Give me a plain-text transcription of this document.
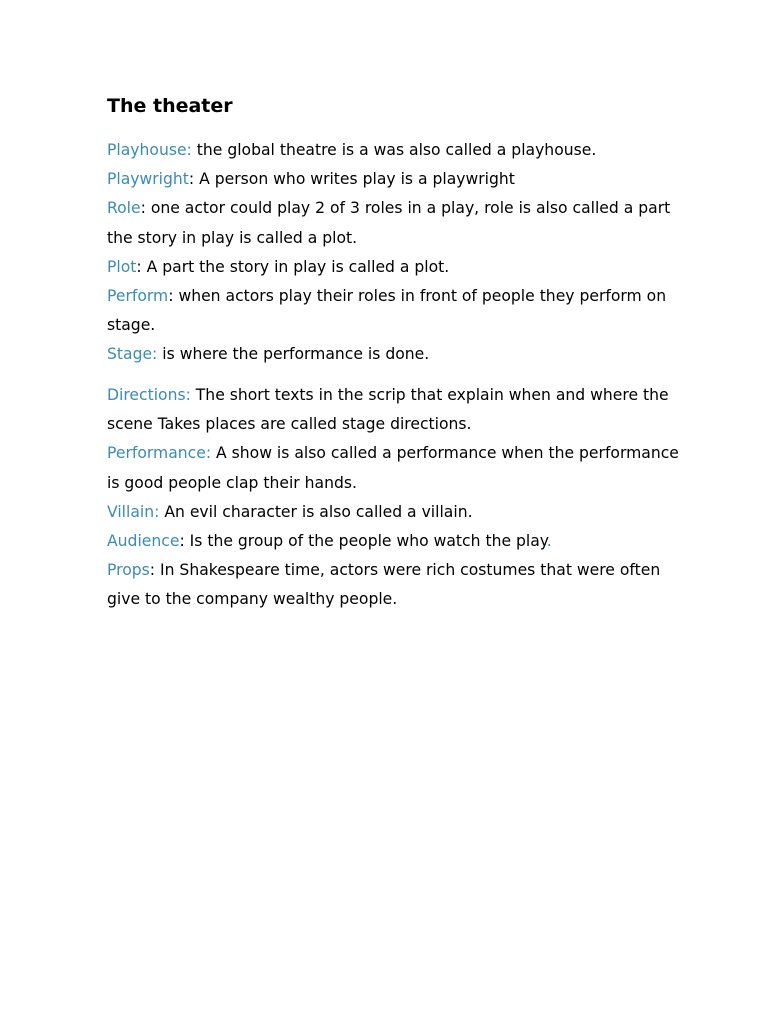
The theater

Playhouse: the global theatre is a was also called a playhouse.

Playwright: A person who writes play is a playwright

Role: one actor could play 2 of 3 roles in a play, role is also called a part the story in play is called a plot.

Plot: A part the story in play is called a plot.

Perform: when actors play their roles in front of people they perform on stage.

Stage: is where the performance is done.

Directions: The short texts in the scrip that explain when and where the scene Takes places are called stage directions.

Performance: A show is also called a performance when the performance is good people clap their hands.

Villain: An evil character is also called a villain.

Audience: Is the group of the people who watch the play.

Props: In Shakespeare time, actors were rich costumes that were often give to the company wealthy people.
